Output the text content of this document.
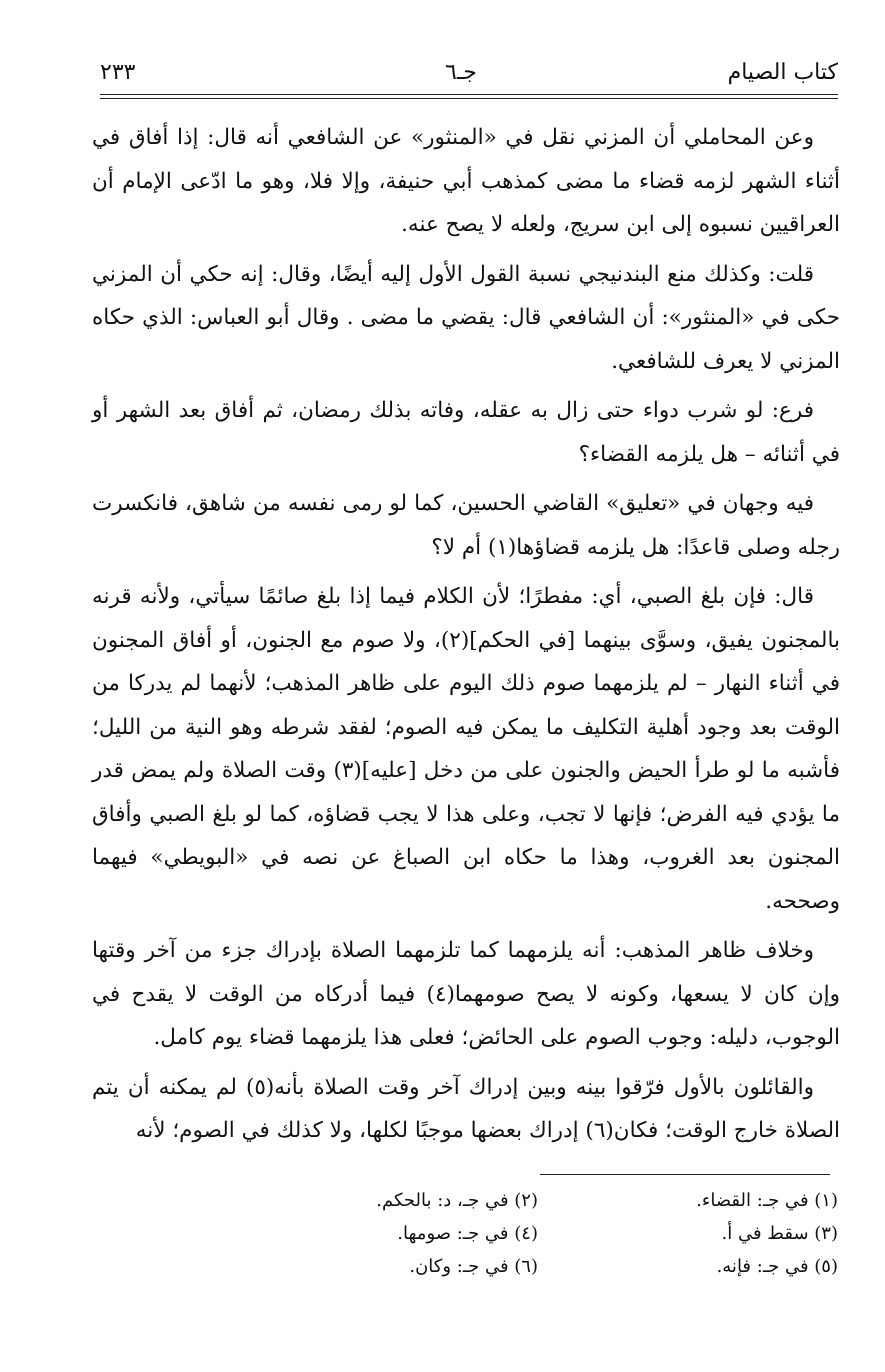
كتاب الصيام
جـ٦
٢٣٣

وعن المحاملي أن المزني نقل في «المنثور» عن الشافعي أنه قال: إذا أفاق في أثناء الشهر لزمه قضاء ما مضى كمذهب أبي حنيفة، وإلا فلا، وهو ما ادّعى الإمام أن العراقيين نسبوه إلى ابن سريج، ولعله لا يصح عنه.

قلت: وكذلك منع البندنيجي نسبة القول الأول إليه أيضًا، وقال: إنه حكي أن المزني حكى في «المنثور»: أن الشافعي قال: يقضي ما مضى . وقال أبو العباس: الذي حكاه المزني لا يعرف للشافعي.

فرع: لو شرب دواء حتى زال به عقله، وفاته بذلك رمضان، ثم أفاق بعد الشهر أو في أثنائه – هل يلزمه القضاء؟

فيه وجهان في «تعليق» القاضي الحسين، كما لو رمى نفسه من شاهق، فانكسرت رجله وصلى قاعدًا: هل يلزمه قضاؤها(١) أم لا؟

قال: فإن بلغ الصبي، أي: مفطرًا؛ لأن الكلام فيما إذا بلغ صائمًا سيأتي، ولأنه قرنه بالمجنون يفيق، وسوَّى بينهما [في الحكم](٢)، ولا صوم مع الجنون، أو أفاق المجنون في أثناء النهار – لم يلزمهما صوم ذلك اليوم على ظاهر المذهب؛ لأنهما لم يدركا من الوقت بعد وجود أهلية التكليف ما يمكن فيه الصوم؛ لفقد شرطه وهو النية من الليل؛ فأشبه ما لو طرأ الحيض والجنون على من دخل [عليه](٣) وقت الصلاة ولم يمض قدر ما يؤدي فيه الفرض؛ فإنها لا تجب، وعلى هذا لا يجب قضاؤه، كما لو بلغ الصبي وأفاق المجنون بعد الغروب، وهذا ما حكاه ابن الصباغ عن نصه في «البويطي» فيهما وصححه.

وخلاف ظاهر المذهب: أنه يلزمهما كما تلزمهما الصلاة بإدراك جزء من آخر وقتها وإن كان لا يسعها، وكونه لا يصح صومهما(٤) فيما أدركاه من الوقت لا يقدح في الوجوب، دليله: وجوب الصوم على الحائض؛ فعلى هذا يلزمهما قضاء يوم كامل.

والقائلون بالأول فرّقوا بينه وبين إدراك آخر وقت الصلاة بأنه(٥) لم يمكنه أن يتم الصلاة خارج الوقت؛ فكان(٦) إدراك بعضها موجبًا لكلها، ولا كذلك في الصوم؛ لأنه

(١) في جـ: القضاء.
(٢) في جـ، د: بالحكم.
(٣) سقط في أ.
(٤) في جـ: صومها.
(٥) في جـ: فإنه.
(٦) في جـ: وكان.
